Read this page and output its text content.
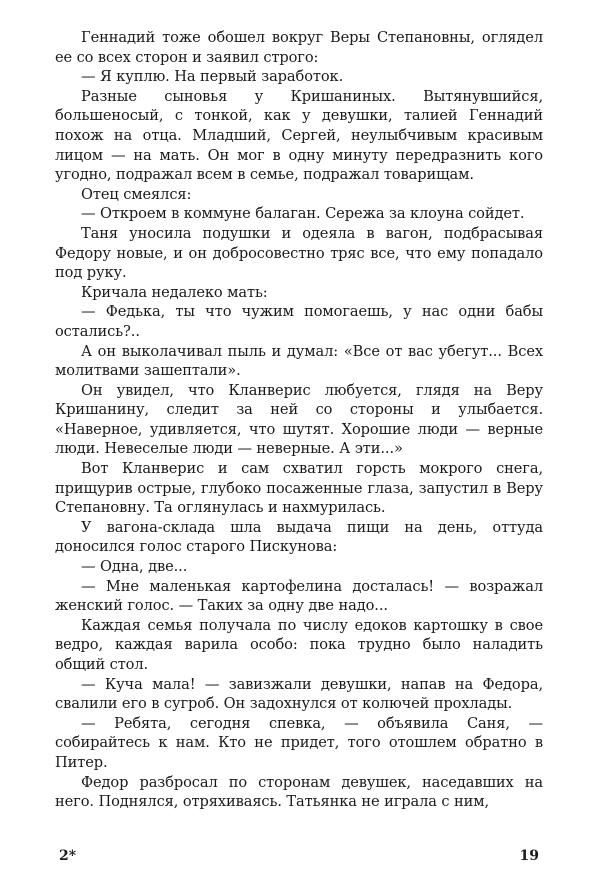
Геннадий тоже обошел вокруг Веры Степановны, оглядел ее со всех сторон и заявил строго:

— Я куплю. На первый заработок.

Разные сыновья у Кришаниных. Вытянувшийся, большеносый, с тонкой, как у девушки, талией Геннадий похож на отца. Младший, Сергей, неулыбчивым красивым лицом — на мать. Он мог в одну минуту передразнить кого угодно, подражал всем в семье, подражал товарищам.

Отец смеялся:

— Откроем в коммуне балаган. Сережа за клоуна сойдет.

Таня уносила подушки и одеяла в вагон, подбрасывая Федору новые, и он добросовестно тряс все, что ему попадало под руку.

Кричала недалеко мать:

— Федька, ты что чужим помогаешь, у нас одни бабы остались?..

А он выколачивал пыль и думал: «Все от вас убегут... Всех молитвами зашептали».

Он увидел, что Кланверис любуется, глядя на Веру Кришанину, следит за ней со стороны и улыбается. «Наверное, удивляется, что шутят. Хорошие люди — верные люди. Невеселые люди — неверные. А эти...»

Вот Кланверис и сам схватил горсть мокрого снега, прищурив острые, глубоко посаженные глаза, запустил в Веру Степановну. Та оглянулась и нахмурилась.

У вагона-склада шла выдача пищи на день, оттуда доносился голос старого Пискунова:

— Одна, две...

— Мне маленькая картофелина досталась! — возражал женский голос. — Таких за одну две надо...

Каждая семья получала по числу едоков картошку в свое ведро, каждая варила особо: пока трудно было наладить общий стол.

— Куча мала! — завизжали девушки, напав на Федора, свалили его в сугроб. Он задохнулся от колючей прохлады.

— Ребята, сегодня спевка, — объявила Саня, — собирайтесь к нам. Кто не придет, того отошлем обратно в Питер.

Федор разбросал по сторонам девушек, наседавших на него. Поднялся, отряхиваясь. Татьянка не играла с ним,

2*	19
